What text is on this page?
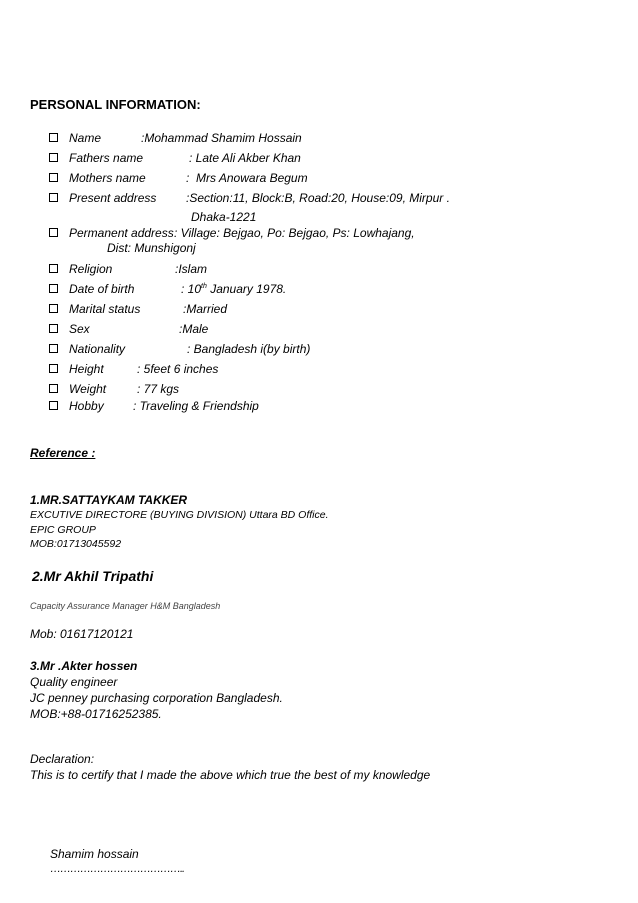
PERSONAL INFORMATION:
Name	:Mohammad Shamim Hossain
Fathers name	: Late Ali Akber Khan
Mothers name	:  Mrs Anowara Begum
Present address :Section:11, Block:B, Road:20, House:09, Mirpur .
Dhaka-1221
Permanent address : Village: Bejgao, Po: Bejgao, Ps: Lowhajang,
Dist: Munshigonj
Religion	:Islam
Date of birth	: 10th January 1978.
Marital status	:Married
Sex	:Male
Nationality	: Bangladesh i(by birth)
Height	: 5feet 6 inches
Weight	: 77 kgs
Hobby : Traveling & Friendship
Reference :
1.MR.SATTAYKAM TAKKER
EXCUTIVE DIRECTORE (BUYING DIVISION) Uttara BD Office.
EPIC GROUP
MOB:01713045592
2.Mr Akhil Tripathi
Capacity Assurance Manager H&M Bangladesh
Mob: 01617120121
3.Mr .Akter hossen
Quality engineer
JC penney purchasing corporation Bangladesh.
MOB:+88-01716252385.
Declaration:
This is to certify that I made the above which true the best of my knowledge
Shamim hossain
…………………………………..
